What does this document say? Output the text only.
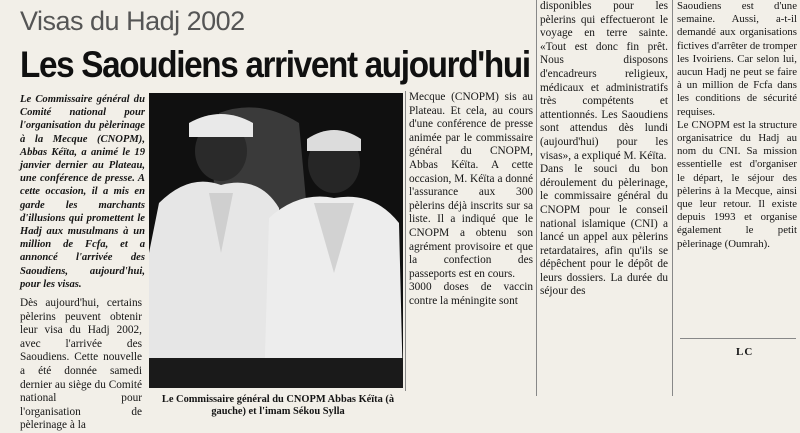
Visas du Hadj 2002
Les Saoudiens arrivent aujourd'hui

Le Commissaire général du Comité national pour l'organisation du pèlerinage à la Mecque (CNOPM), Abbas Kéïta, a animé le 19 janvier dernier au Plateau, une conférence de presse. A cette occasion, il a mis en garde les marchants d'illusions qui promettent le Hadj aux musulmans à un million de Fcfa, et a annoncé l'arrivée des Saoudiens, aujourd'hui, pour les visas.

Dès aujourd'hui, certains pèlerins peuvent obtenir leur visa du Hadj 2002, avec l'arrivée des Saoudiens. Cette nouvelle a été donnée samedi dernier au siège du Comité national pour l'organisation de pèlerinage à la

Le Commissaire général du CNOPM Abbas Kéïta (à gauche) et l'imam Sékou Sylla

Mecque (CNOPM) sis au Plateau. Et cela, au cours d'une conférence de presse animée par le commissaire général du CNOPM, Abbas Kéïta. A cette occasion, M. Kéïta a donné l'assurance aux 300 pèlerins déjà inscrits sur sa liste. Il a indiqué que le CNOPM a obtenu son agrément provisoire et que la confection des passeports est en cours.

3000 doses de vaccin contre la méningite sont

disponibles pour les pèlerins qui effectueront le voyage en terre sainte. «Tout est donc fin prêt. Nous disposons d'encadreurs religieux, médicaux et administratifs très compétents et attentionnés. Les Saoudiens sont attendus dès lundi (aujourd'hui) pour les visas», a expliqué M. Kéïta.

Dans le souci du bon déroulement du pèlerinage, le commissaire général du CNOPM pour le conseil national islamique (CNI) a lancé un appel aux pèlerins retardataires, afin qu'ils se dépêchent pour le dépôt de leurs dossiers. La durée du séjour des

Saoudiens est d'une semaine. Aussi, a-t-il demandé aux organisations fictives d'arrêter de tromper les Ivoiriens. Car selon lui, aucun Hadj ne peut se faire à un million de Fcfa dans les conditions de sécurité requises.

Le CNOPM est la structure organisatrice du Hadj au nom du CNI. Sa mission essentielle est d'organiser le départ, le séjour des pèlerins à la Mecque, ainsi que leur retour. Il existe depuis 1993 et organise également le petit pèlerinage (Oumrah).

LC
